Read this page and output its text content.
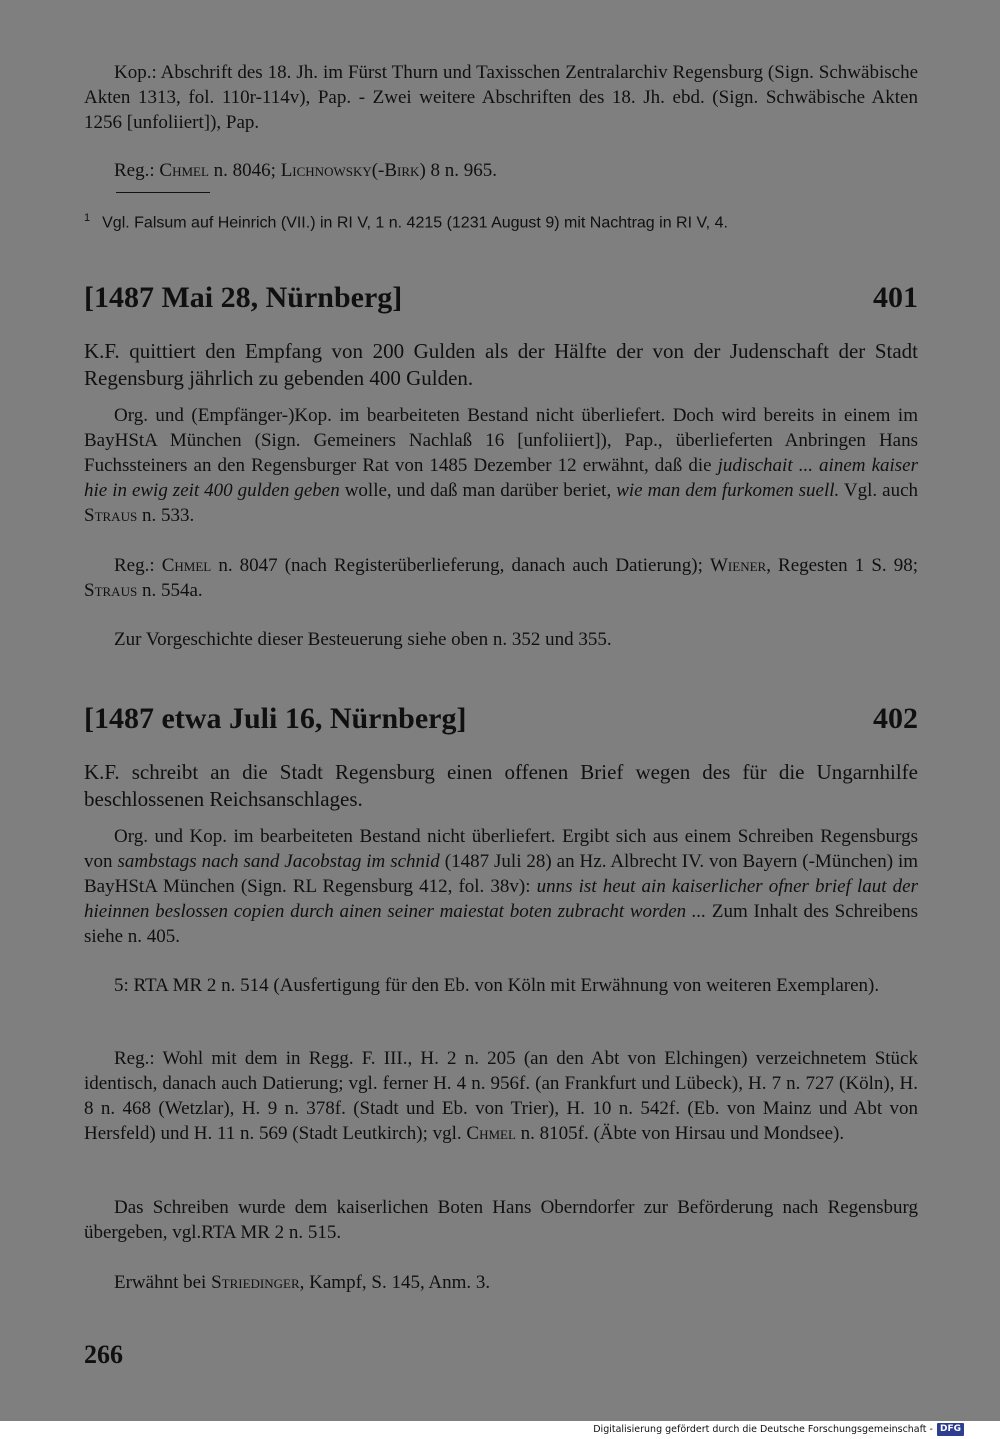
Kop.: Abschrift des 18. Jh. im Fürst Thurn und Taxisschen Zentralarchiv Regensburg (Sign. Schwäbische Akten 1313, fol. 110r-114v), Pap. - Zwei weitere Abschriften des 18. Jh. ebd. (Sign. Schwäbische Akten 1256 [unfoliiert]), Pap.

Reg.: Chmel n. 8046; Lichnowsky(-Birk) 8 n. 965.

$^1$ Vgl. Falsum auf Heinrich (VII.) in RI V, 1 n. 4215 (1231 August 9) mit Nachtrag in RI V, 4.
[1487 Mai 28, Nürnberg]	401

K.F. quittiert den Empfang von 200 Gulden als der Hälfte der von der Judenschaft der Stadt Regensburg jährlich zu gebenden 400 Gulden.

Org. und (Empfänger-)Kop. im bearbeiteten Bestand nicht überliefert. Doch wird bereits in einem im BayHStA München (Sign. Gemeiners Nachlaß 16 [unfoliiert]), Pap., überlieferten Anbringen Hans Fuchssteiners an den Regensburger Rat von 1485 Dezember 12 erwähnt, daß die judischait ... ainem kaiser hie in ewig zeit 400 gulden geben wolle, und daß man darüber beriet, wie man dem furkomen suell. Vgl. auch Straus n. 533.

Reg.: Chmel n. 8047 (nach Registerüberlieferung, danach auch Datierung); Wiener, Regesten 1 S. 98; Straus n. 554a.

Zur Vorgeschichte dieser Besteuerung siehe oben n. 352 und 355.

[1487 etwa Juli 16, Nürnberg]	402

K.F. schreibt an die Stadt Regensburg einen offenen Brief wegen des für die Ungarnhilfe beschlossenen Reichsanschlages.

Org. und Kop. im bearbeiteten Bestand nicht überliefert. Ergibt sich aus einem Schreiben Regensburgs von sambstags nach sand Jacobstag im schnid (1487 Juli 28) an Hz. Albrecht IV. von Bayern (-München) im BayHStA München (Sign. RL Regensburg 412, fol. 38v): unns ist heut ain kaiserlicher ofner brief laut der hieinnen beslossen copien durch ainen seiner maiestat boten zubracht worden ... Zum Inhalt des Schreibens siehe n. 405.

5: RTA MR 2 n. 514 (Ausfertigung für den Eb. von Köln mit Erwähnung von weiteren Exemplaren).

Reg.: Wohl mit dem in Regg. F. III., H. 2 n. 205 (an den Abt von Elchingen) verzeichnetem Stück identisch, danach auch Datierung; vgl. ferner H. 4 n. 956f. (an Frankfurt und Lübeck), H. 7 n. 727 (Köln), H. 8 n. 468 (Wetzlar), H. 9 n. 378f. (Stadt und Eb. von Trier), H. 10 n. 542f. (Eb. von Mainz und Abt von Hersfeld) und H. 11 n. 569 (Stadt Leutkirch); vgl. Chmel n. 8105f. (Äbte von Hirsau und Mondsee).

Das Schreiben wurde dem kaiserlichen Boten Hans Oberndorfer zur Beförderung nach Regensburg übergeben, vgl.RTA MR 2 n. 515.

Erwähnt bei Striedinger, Kampf, S. 145, Anm. 3.

266
Digitalisierung gefördert durch die Deutsche Forschungsgemeinschaft - DFG
